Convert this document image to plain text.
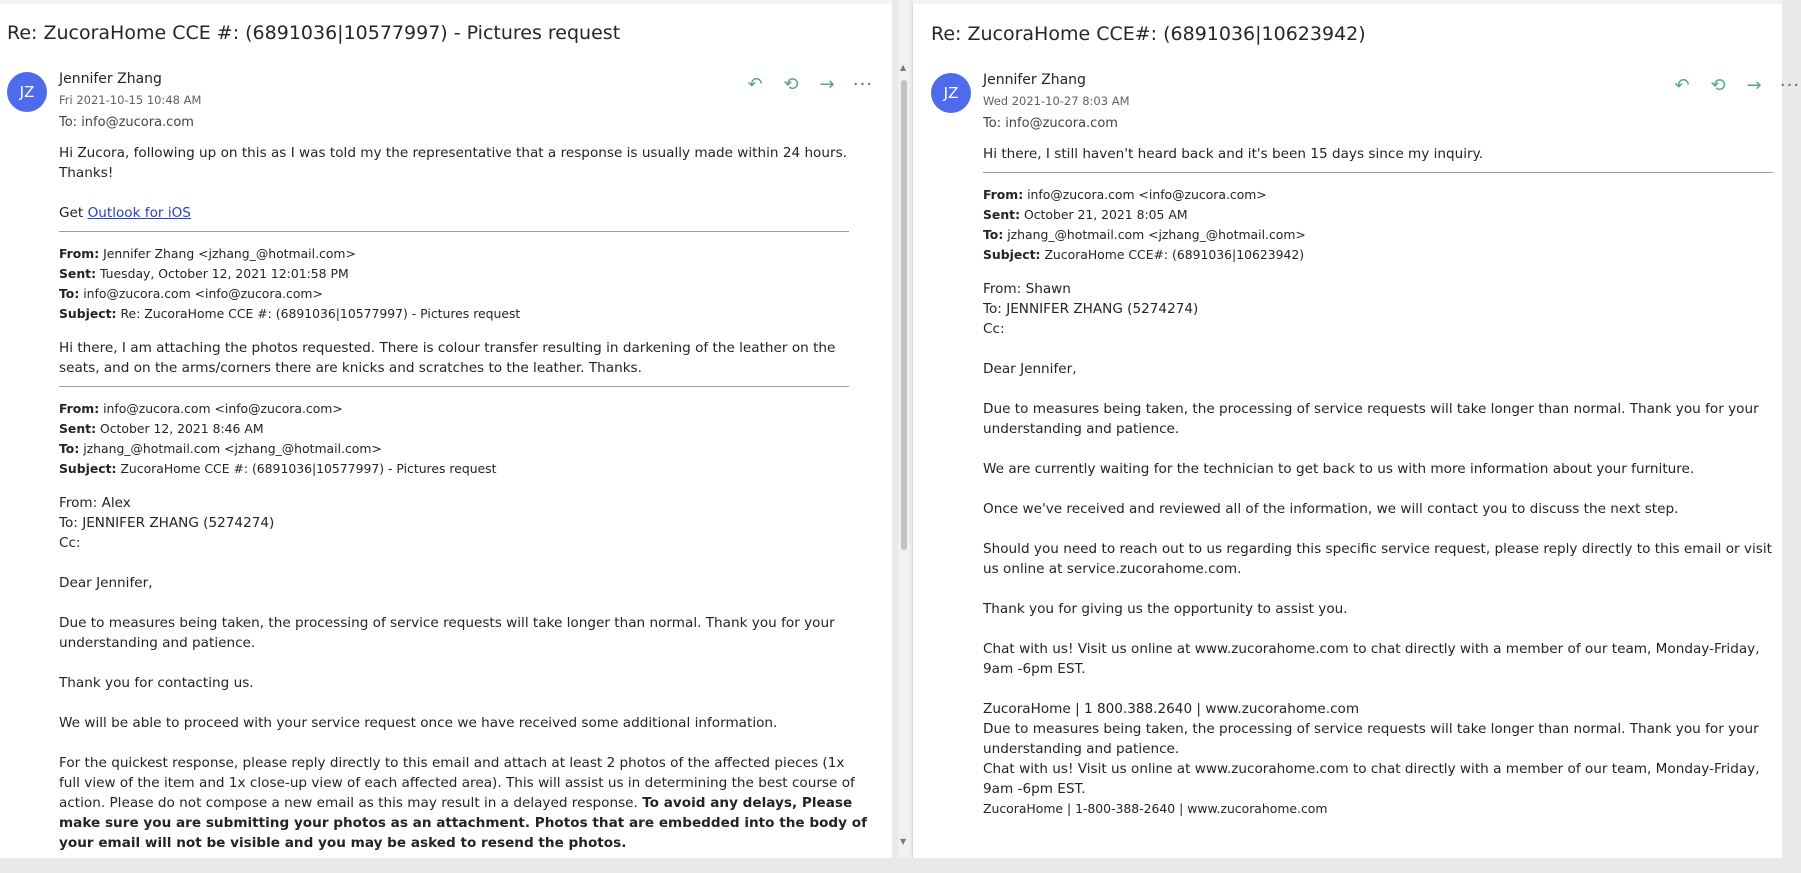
Re: ZucoraHome CCE #: (6891036|10577997) - Pictures request
JZ
Jennifer Zhang
Fri 2021-10-15 10:48 AM
To: info@zucora.com
↶ ⟲ → ···
Hi Zucora, following up on this as I was told my the representative that a response is usually made within 24 hours.
Thanks!
Get Outlook for iOS
From: Jennifer Zhang <jzhang_@hotmail.com>
Sent: Tuesday, October 12, 2021 12:01:58 PM
To: info@zucora.com <info@zucora.com>
Subject: Re: ZucoraHome CCE #: (6891036|10577997) - Pictures request
Hi there, I am attaching the photos requested. There is colour transfer resulting in darkening of the leather on the seats, and on the arms/corners there are knicks and scratches to the leather. Thanks.
From: info@zucora.com <info@zucora.com>
Sent: October 12, 2021 8:46 AM
To: jzhang_@hotmail.com <jzhang_@hotmail.com>
Subject: ZucoraHome CCE #: (6891036|10577997) - Pictures request
From: Alex
To: JENNIFER ZHANG (5274274)
Cc:
Dear Jennifer,
Due to measures being taken, the processing of service requests will take longer than normal. Thank you for your understanding and patience.
Thank you for contacting us.
We will be able to proceed with your service request once we have received some additional information.
For the quickest response, please reply directly to this email and attach at least 2 photos of the affected pieces (1x full view of the item and 1x close-up view of each affected area). This will assist us in determining the best course of action. Please do not compose a new email as this may result in a delayed response. To avoid any delays, Please make sure you are submitting your photos as an attachment. Photos that are embedded into the body of your email will not be visible and you may be asked to resend the photos.
▲
▼
Re: ZucoraHome CCE#: (6891036|10623942)
JZ
Jennifer Zhang
Wed 2021-10-27 8:03 AM
To: info@zucora.com
↶ ⟲ → ···
Hi there, I still haven't heard back and it's been 15 days since my inquiry.
From: info@zucora.com <info@zucora.com>
Sent: October 21, 2021 8:05 AM
To: jzhang_@hotmail.com <jzhang_@hotmail.com>
Subject: ZucoraHome CCE#: (6891036|10623942)
From: Shawn
To: JENNIFER ZHANG (5274274)
Cc:
Dear Jennifer,
Due to measures being taken, the processing of service requests will take longer than normal. Thank you for your understanding and patience.
We are currently waiting for the technician to get back to us with more information about your furniture.
Once we've received and reviewed all of the information, we will contact you to discuss the next step.
Should you need to reach out to us regarding this specific service request, please reply directly to this email or visit us online at service.zucorahome.com.
Thank you for giving us the opportunity to assist you.
Chat with us! Visit us online at www.zucorahome.com to chat directly with a member of our team, Monday-Friday, 9am -6pm EST.
ZucoraHome | 1 800.388.2640 | www.zucorahome.com
Due to measures being taken, the processing of service requests will take longer than normal. Thank you for your understanding and patience.
Chat with us! Visit us online at www.zucorahome.com to chat directly with a member of our team, Monday-Friday, 9am -6pm EST.
ZucoraHome | 1-800-388-2640 | www.zucorahome.com
